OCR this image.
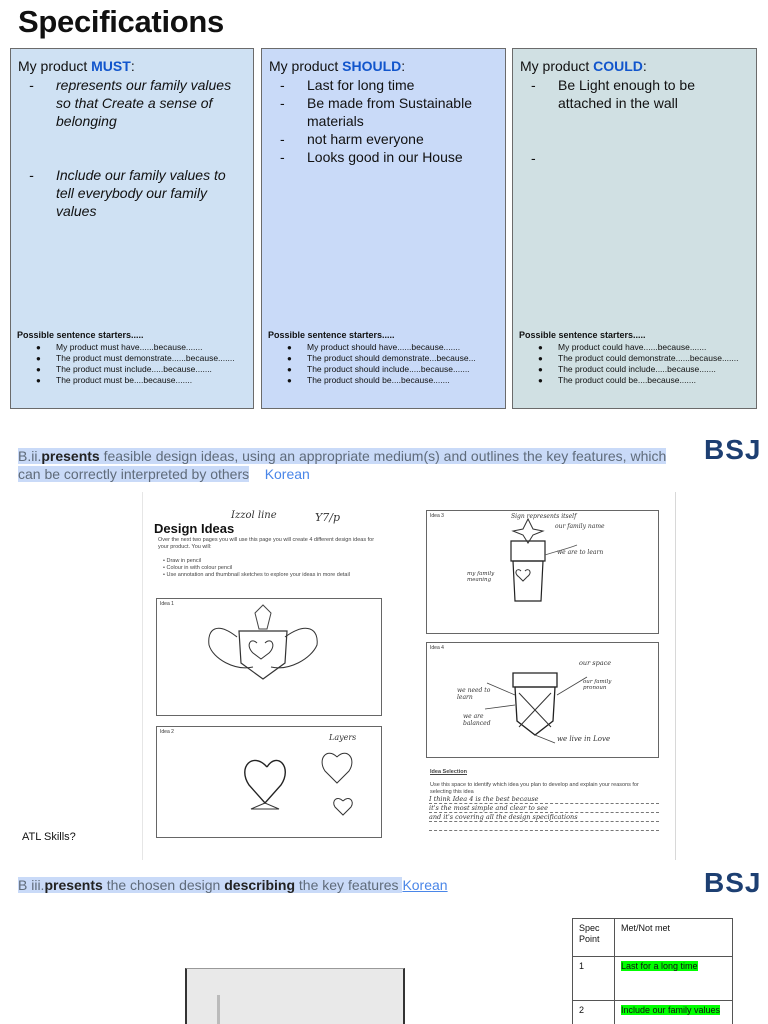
Specifications
My product MUST:
- represents our family values so that Create a sense of belonging
- Include our family values to tell everybody our family values
Possible sentence starters.....
● My product must have......because.......
● The product must demonstrate......because.......
● The product must include.....because.......
● The product must be....because.......
My product SHOULD:
- Last for long time
- Be made from Sustainable materials
- not harm everyone
- Looks good in our House
Possible sentence starters.....
● My product should have......because.......
● The product should demonstrate...because...
● The product should include.....because.......
● The product should be....because.......
My product COULD:
- Be Light enough to be attached in the wall
-
Possible sentence starters.....
● My product could have......because.......
● The product could demonstrate......because.......
● The product could include.....because.......
● The product could be....because.......
B.ii.presents feasible design ideas, using an appropriate medium(s) and outlines the key features, which can be correctly interpreted by others Korean
BSJ
Izzol line	Y7/p
Design Ideas
Over the next two pages you will use this page you will create 4 different design ideas for your product. You will:
• Draw in pencil
• Colour in with colour pencil
• Use annotation and thumbnail sketches to explore your ideas in more detail
Idea 1
Idea 2
Layers
Idea 3	Sign represents itself
our family name
we are to learn
my family meaning
Idea 4
our space
our family pronoun
we need to learn
we are balanced
we live in Love
Idea Selection
Use this space to identify which idea you plan to develop and explain your reasons for selecting this idea
I think Idea 4 is the best because
it's the most simple and clear to see
and it's covering all the design specifications
ATL Skills?
B iii.presents the chosen design describing the key features Korean	BSJ
Spec Point	Met/Not met
1	Last for a long time
2	Include our family values
